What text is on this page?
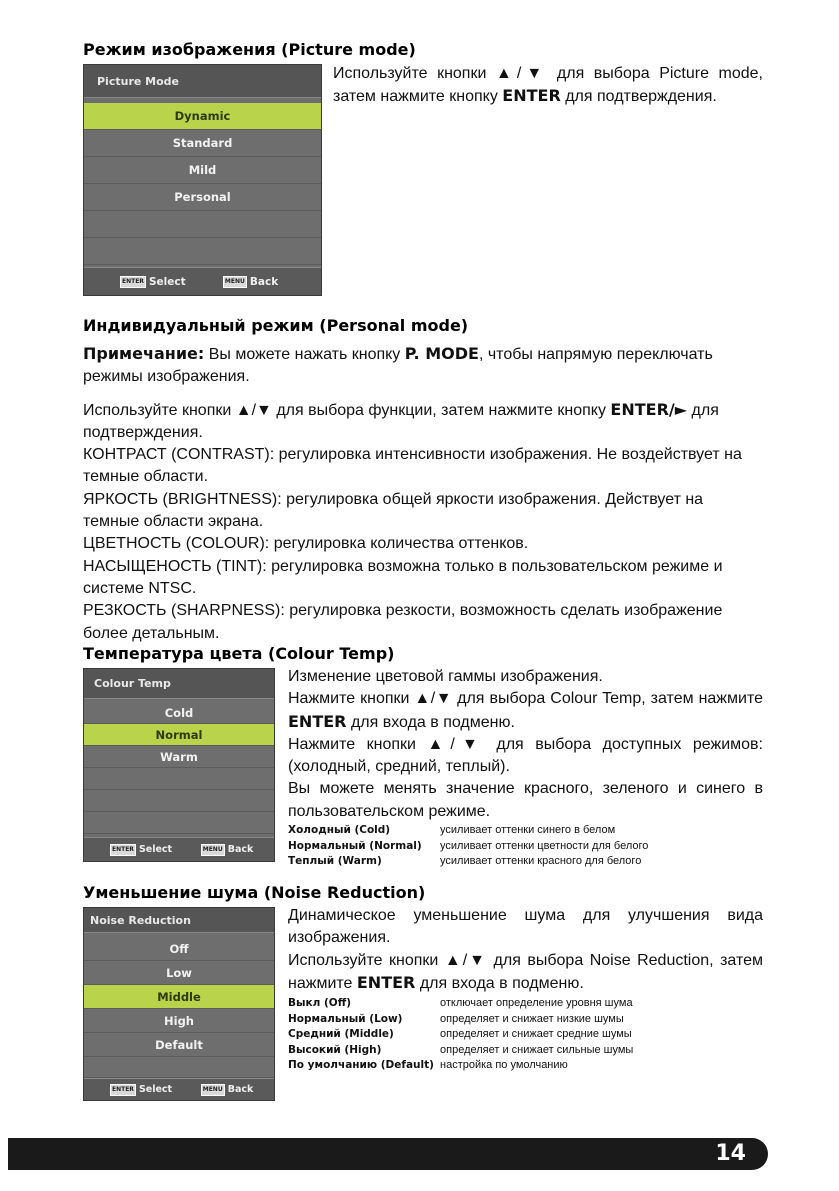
Режим изображения (Picture mode)
Picture Mode
Dynamic
Standard
Mild
Personal
ENTER Select	MENU Back
Используйте кнопки ▲/▼ для выбора Picture mode, затем нажмите кнопку ENTER для подтверждения.
Индивидуальный режим (Personal mode)

Примечание: Вы можете нажать кнопку P. MODE, чтобы напрямую переключать режимы изображения.

Используйте кнопки ▲/▼ для выбора функции, затем нажмите кнопку ENTER/► для подтверждения.

КОНТРАСТ (CONTRAST): регулировка интенсивности изображения. Не воздействует на темные области.

ЯРКОСТЬ (BRIGHTNESS): регулировка общей яркости изображения. Действует на темные области экрана.

ЦВЕТНОСТЬ (COLOUR): регулировка количества оттенков.

НАСЫЩЕНОСТЬ (TINT): регулировка возможна только в пользовательском режиме и системе NTSC.

РЕЗКОСТЬ (SHARPNESS): регулировка резкости, возможность сделать изображение более детальным.

Температура цвета (Colour Temp)
Colour Temp
Cold
Normal
Warm
ENTER Select	MENU Back

Изменение цветовой гаммы изображения.

Нажмите кнопки ▲/▼ для выбора Colour Temp, затем нажмите ENTER для входа в подменю.

Нажмите кнопки ▲/▼ для выбора доступных режимов: (холодный, средний, теплый).

Вы можете менять значение красного, зеленого и синего в пользовательском режиме.

Холодный (Cold)	усиливает оттенки синего в белом
Нормальный (Normal)	усиливает оттенки цветности для белого
Теплый (Warm)	усиливает оттенки красного для белого
Уменьшение шума (Noise Reduction)
Noise Reduction
Off
Low
Middle
High
Default
ENTER Select	MENU Back

Динамическое уменьшение шума для улучшения вида изображения.

Используйте кнопки ▲/▼ для выбора Noise Reduction, затем нажмите ENTER для входа в подменю.

Выкл (Off)	отключает определение уровня шума
Нормальный (Low)	определяет и снижает низкие шумы
Средний (Middle)	определяет и снижает средние шумы
Высокий (High)	определяет и снижает сильные шумы
По умолчанию (Default) настройка по умолчанию
14
